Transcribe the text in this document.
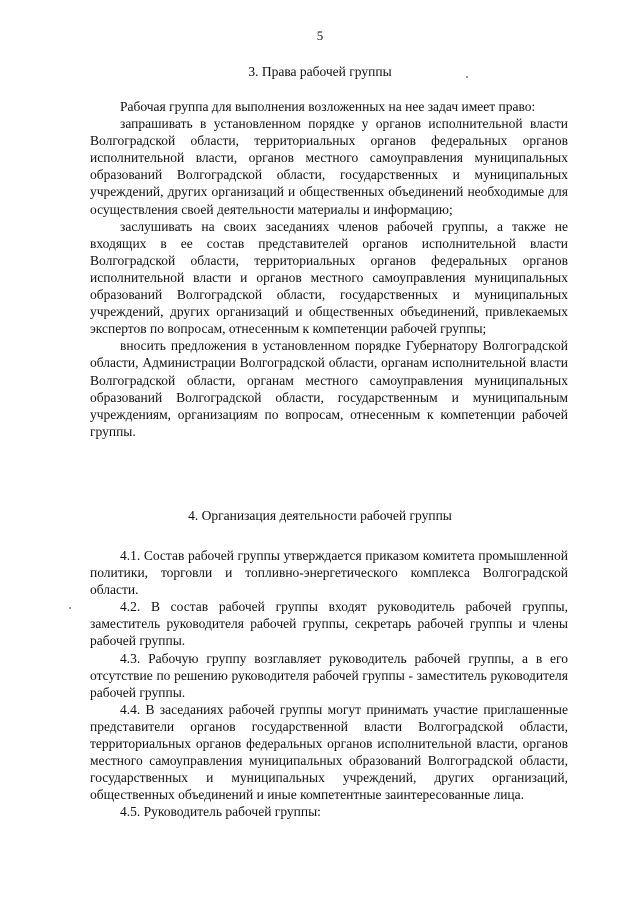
5
3. Права рабочей группы

Рабочая группа для выполнения возложенных на нее задач имеет право:

запрашивать в установленном порядке у органов исполнительной власти Волгоградской области, территориальных органов федеральных органов исполнительной власти, органов местного самоуправления муниципальных образований Волгоградской области, государственных и муниципальных учреждений, других организаций и общественных объединений необходимые для осуществления своей деятельности материалы и информацию;

заслушивать на своих заседаниях членов рабочей группы, а также не входящих в ее состав представителей органов исполнительной власти Волгоградской области, территориальных органов федеральных органов исполнительной власти и органов местного самоуправления муниципальных образований Волгоградской области, государственных и муниципальных учреждений, других организаций и общественных объединений, привлекаемых экспертов по вопросам, отнесенным к компетенции рабочей группы;

вносить предложения в установленном порядке Губернатору Волгоградской области, Администрации Волгоградской области, органам исполнительной власти Волгоградской области, органам местного самоуправления муниципальных образований Волгоградской области, государственным и муниципальным учреждениям, организациям по вопросам, отнесенным к компетенции рабочей группы.

4. Организация деятельности рабочей группы

4.1. Состав рабочей группы утверждается приказом комитета промышленной политики, торговли и топливно-энергетического комплекса Волгоградской области.

4.2. В состав рабочей группы входят руководитель рабочей группы, заместитель руководителя рабочей группы, секретарь рабочей группы и члены рабочей группы.

4.3. Рабочую группу возглавляет руководитель рабочей группы, а в его отсутствие по решению руководителя рабочей группы - заместитель руководителя рабочей группы.

4.4. В заседаниях рабочей группы могут принимать участие приглашенные представители органов государственной власти Волгоградской области, территориальных органов федеральных органов исполнительной власти, органов местного самоуправления муниципальных образований Волгоградской области, государственных и муниципальных учреждений, других организаций, общественных объединений и иные компетентные заинтересованные лица.

4.5. Руководитель рабочей группы:
